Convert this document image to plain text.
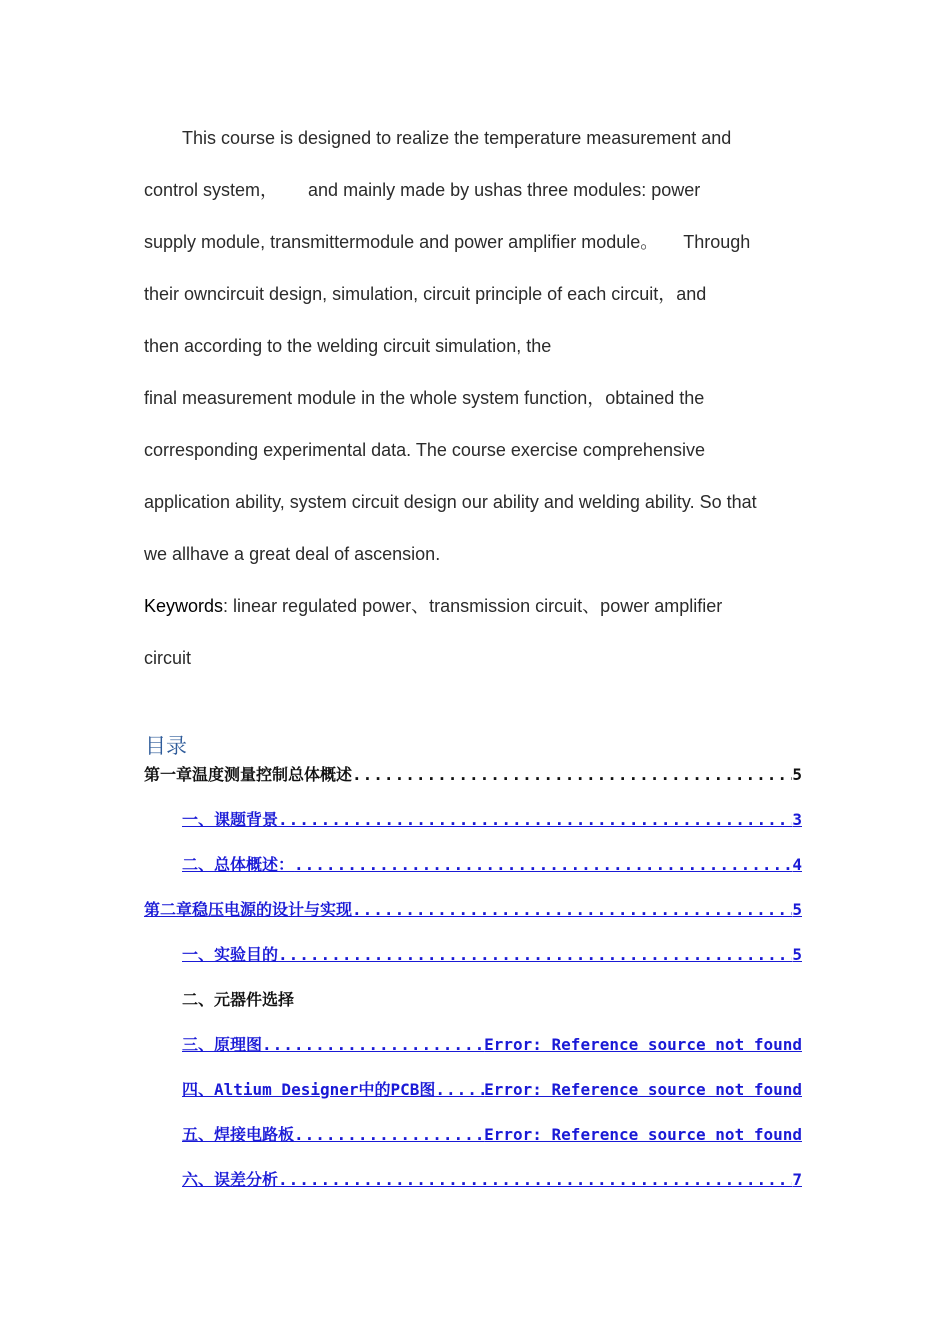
This course is designed to realize the temperature measurement and
control system，      and mainly made by ushas three modules: power
supply module, transmittermodule and power amplifier module。     Through
their owncircuit design, simulation, circuit principle of each circuit，and
then according to the welding circuit simulation, the
final measurement module in the whole system function，obtained the
corresponding experimental data. The course exercise comprehensive
application ability, system circuit design our ability and welding ability. So that
we allhave a great deal of ascension.
Keywords: linear regulated power、transmission circuit、power amplifier
circuit
目录
第一章 温度测量控制总体概述 .....	5
一、 课题背景 .....	3
二、 总体概述： .....	4
第二章 稳压电源的设计与实现 .....	5
一、实验目的 .....	5
二、元器件选择
三、原理图 .....	Error: Reference source not found
四、Altium Designer中的PCB图 .....	Error: Reference source not found
五、焊接电路板 .....	Error: Reference source not found
六、误差分析 .....	7
